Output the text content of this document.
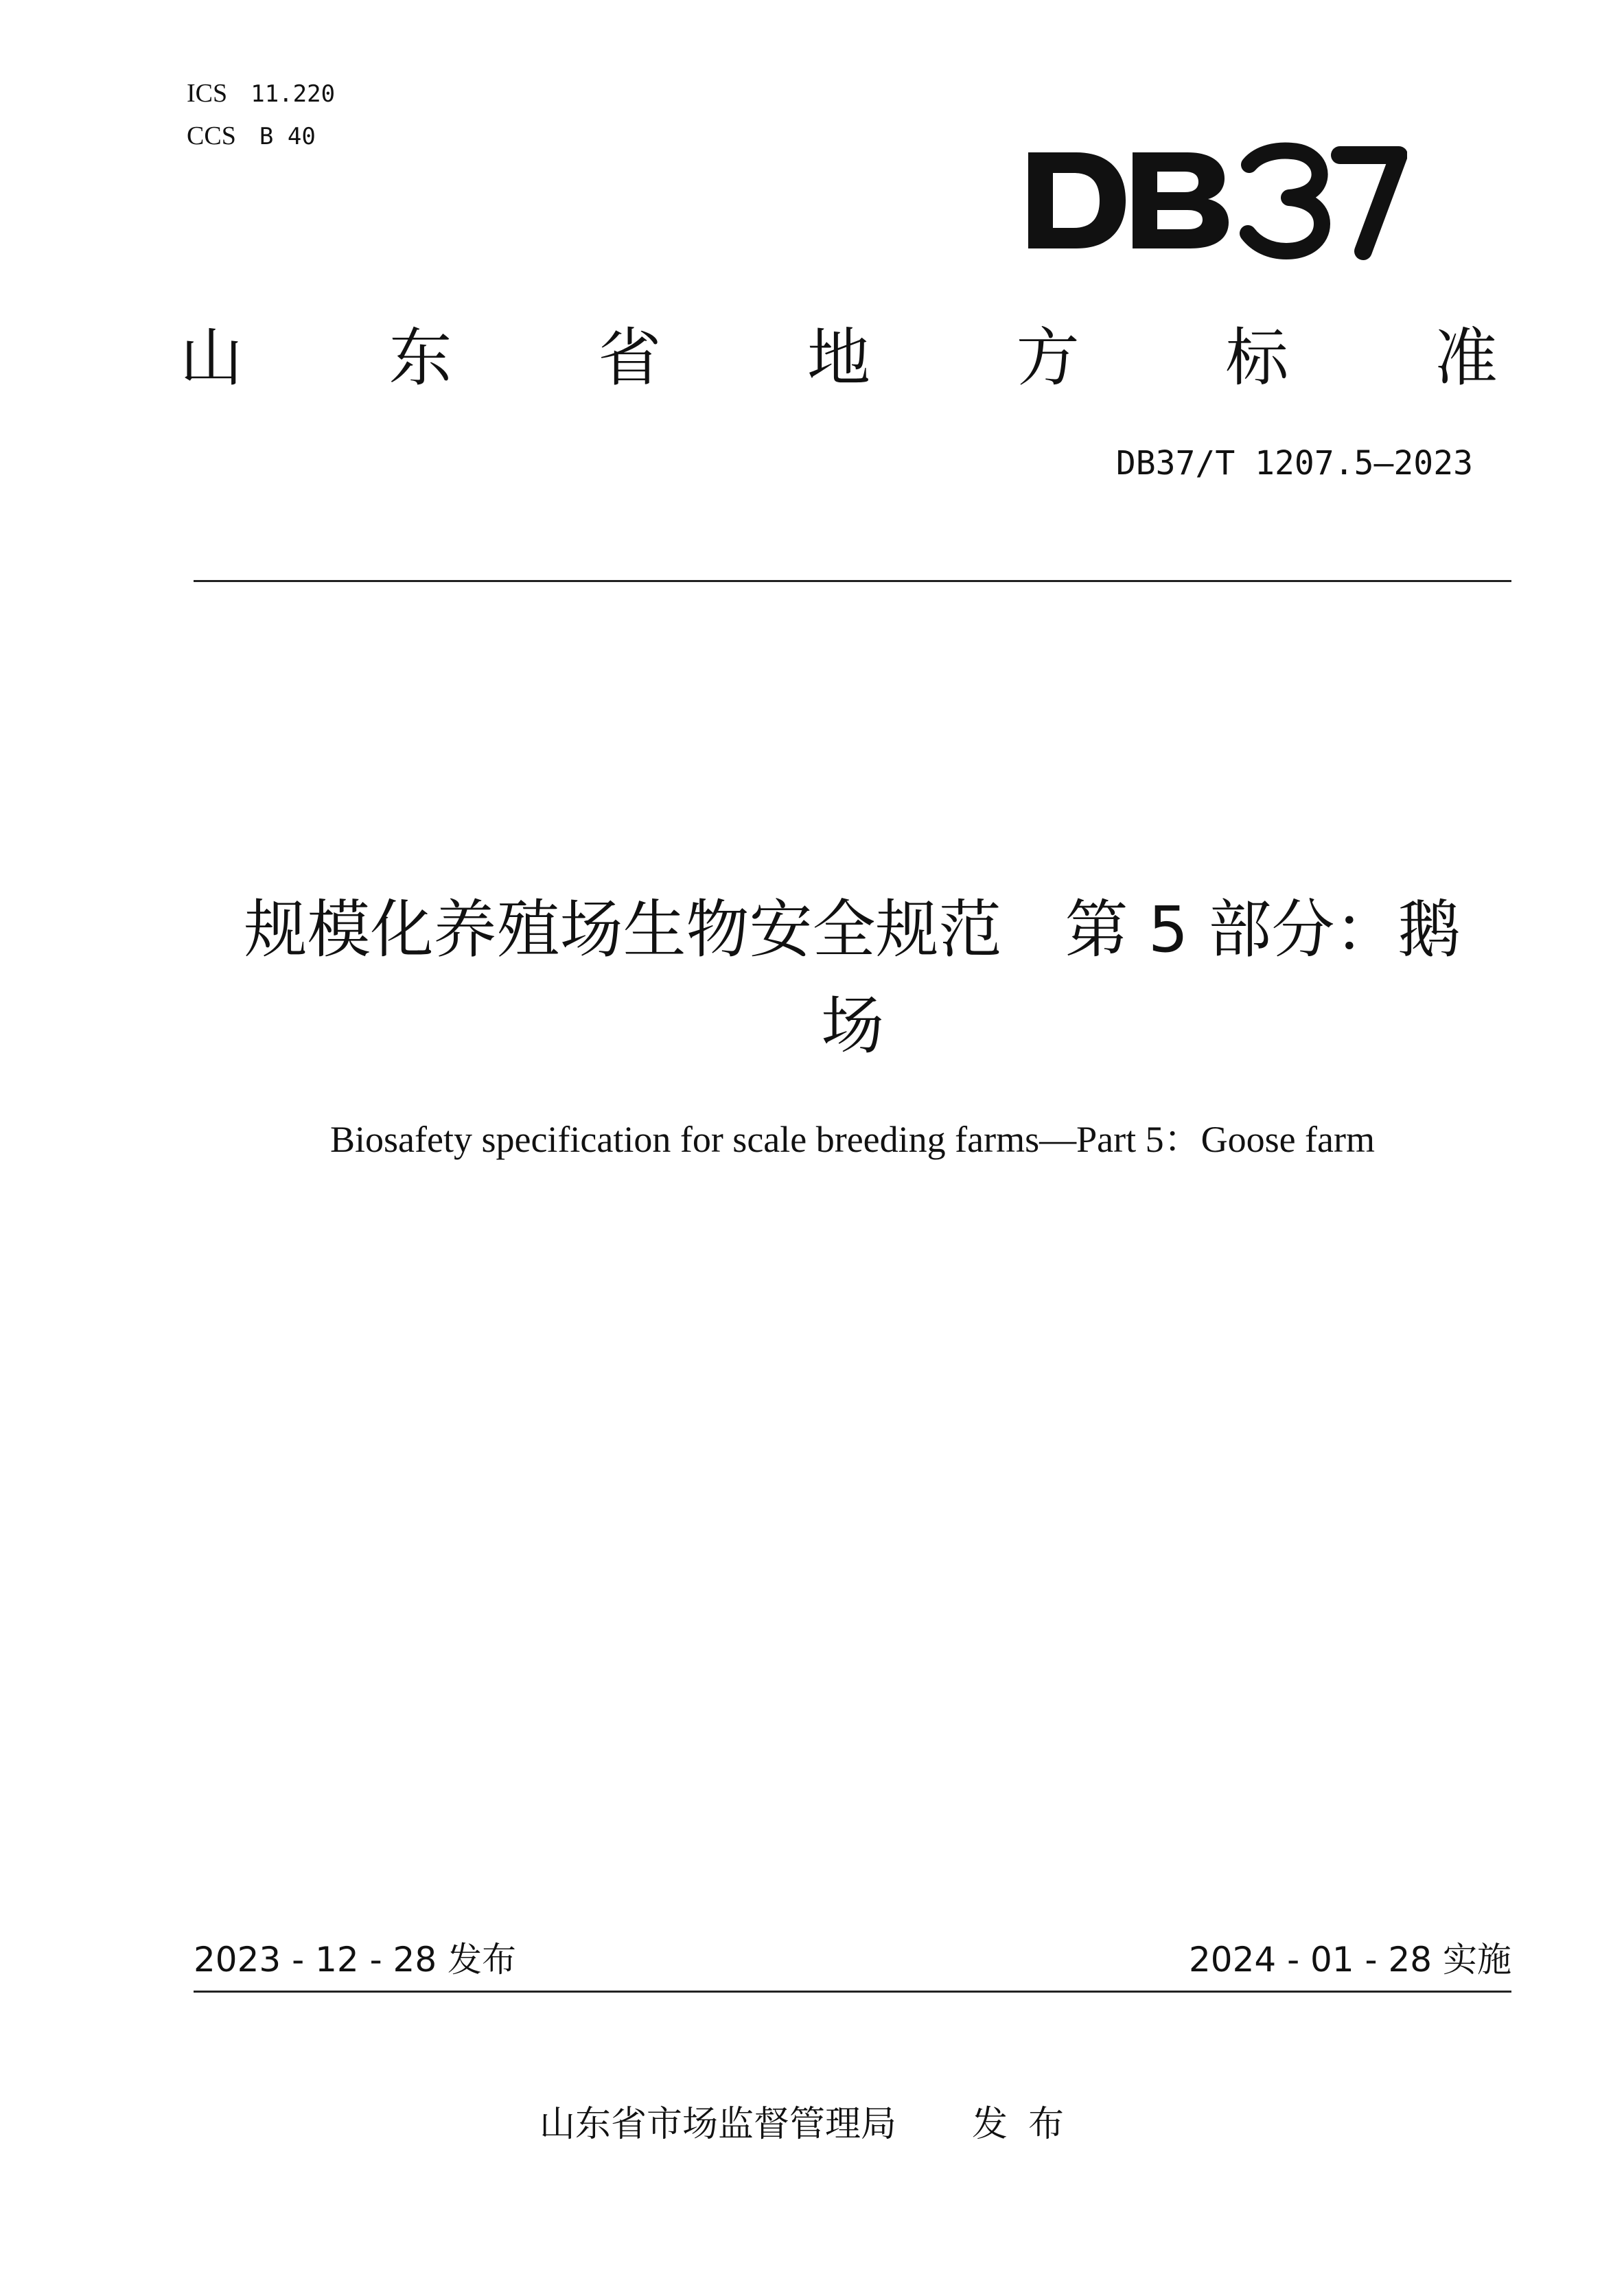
ICS 11.220
CCS B 40
山 东 省 地 方 标 准
DB37/T 1207.5—2023
规模化养殖场生物安全规范　第 5 部分：鹅
场
Biosafety specification for scale breeding farms—Part 5：Goose farm
2023 - 12 - 28 发布	2024 - 01 - 28 实施
山东省市场监督管理局 发布
